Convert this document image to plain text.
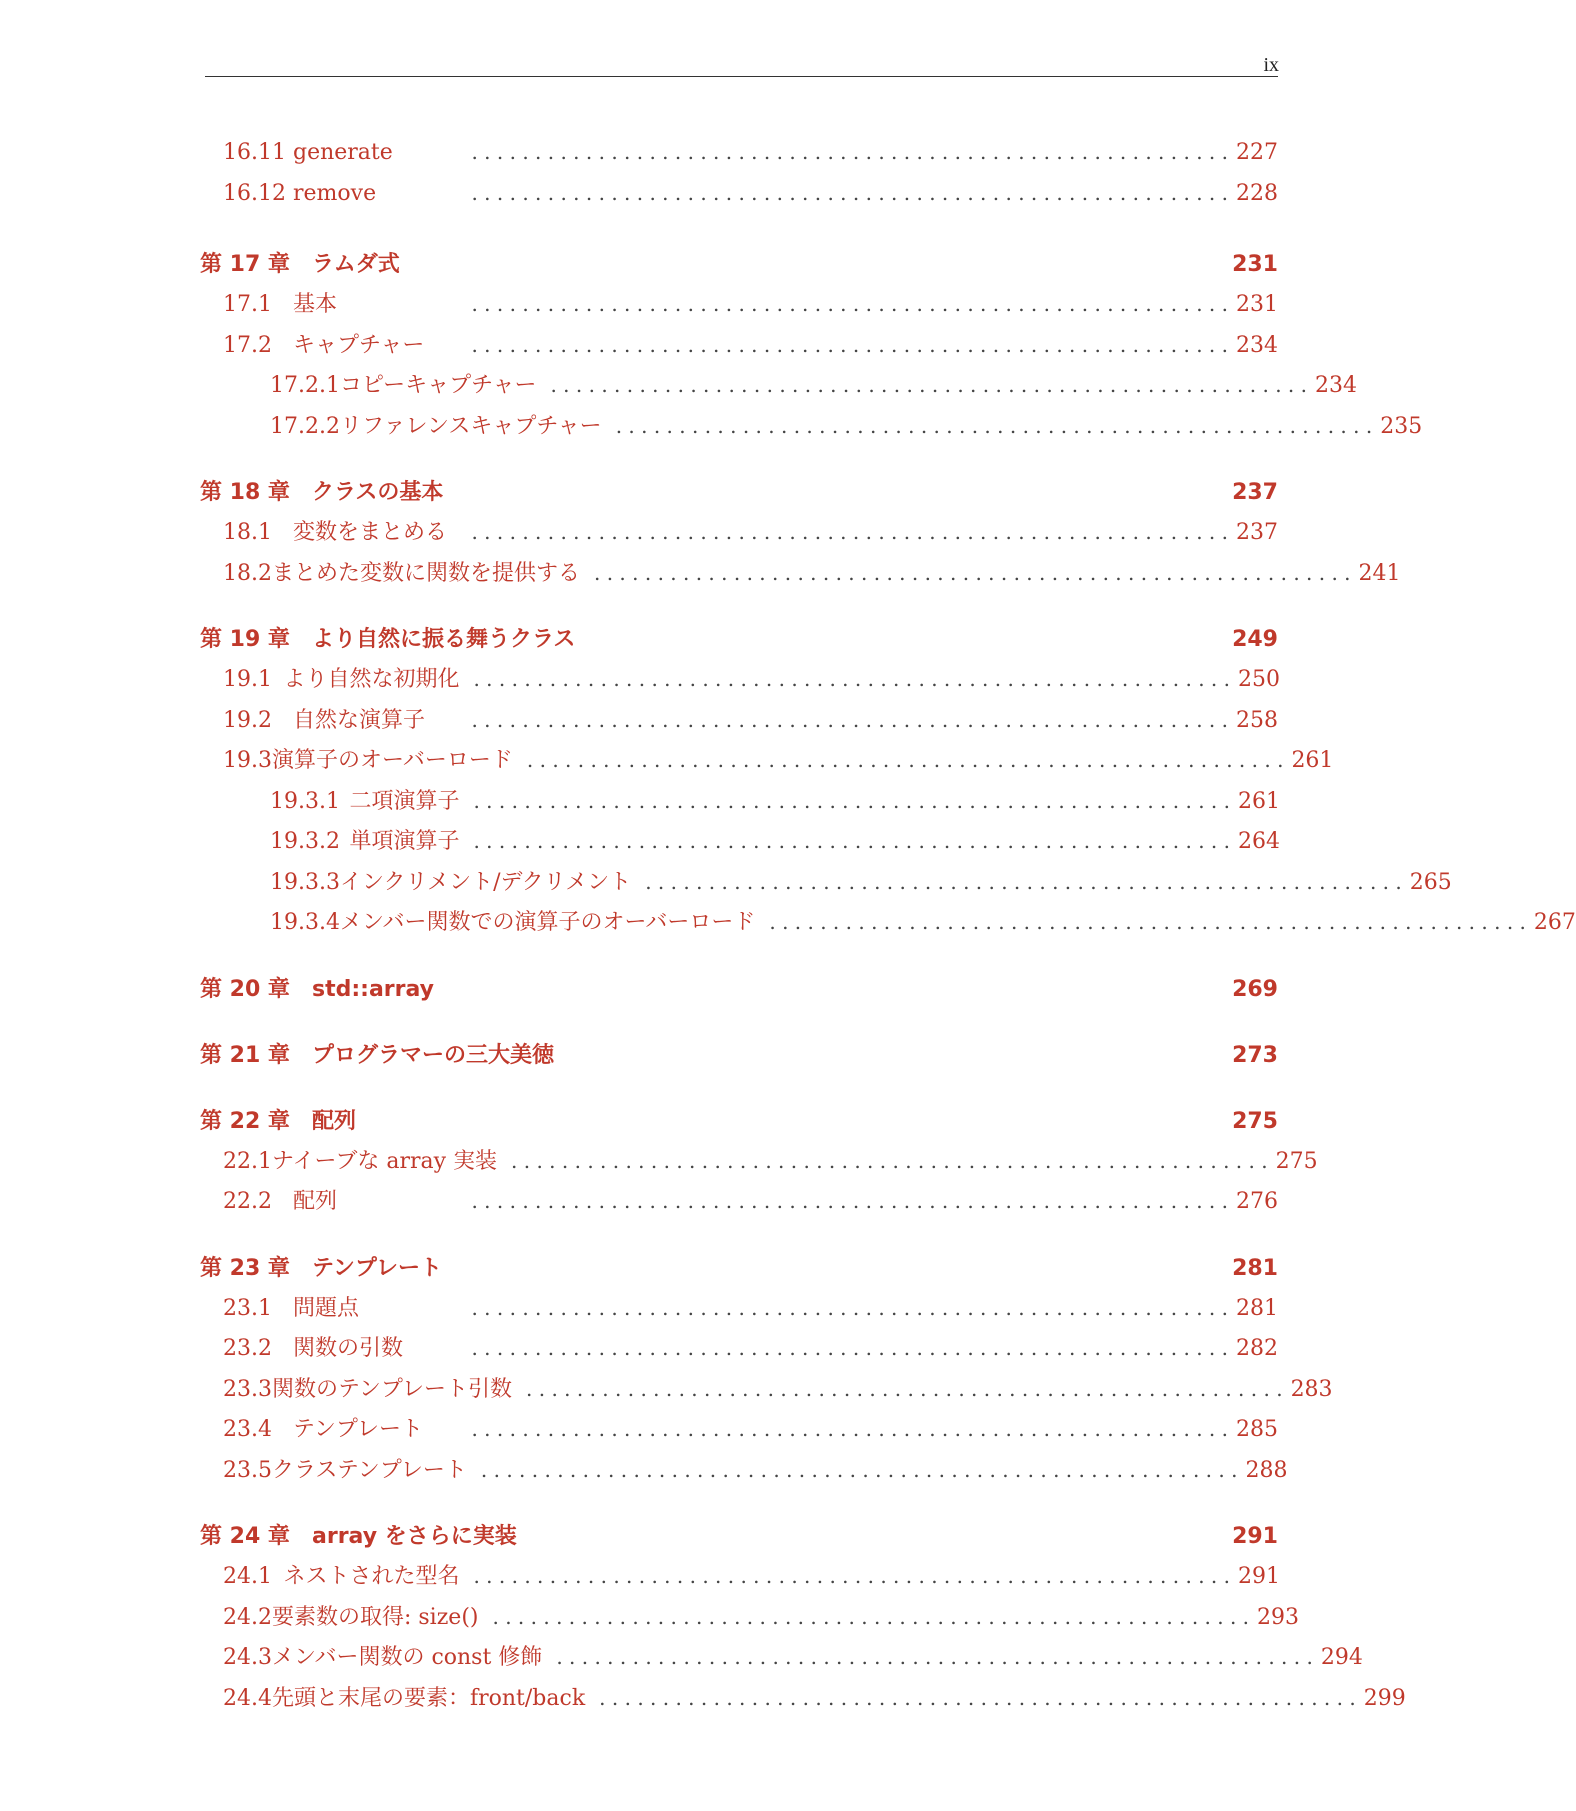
ix
16.11 generate	. . . . . . . . . . . . . . . . . . . . . . . . . . . . . . . . . . . . . . . . . . . . . . . . . . . . . . . . . . . . 227
16.12 remove	. . . . . . . . . . . . . . . . . . . . . . . . . . . . . . . . . . . . . . . . . . . . . . . . . . . . . . . . . . . . 228
第 17 章	ラムダ式	231
17.1 基本	. . . . . . . . . . . . . . . . . . . . . . . . . . . . . . . . . . . . . . . . . . . . . . . . . . . . . . . . . . . . 231
17.2 キャプチャー	. . . . . . . . . . . . . . . . . . . . . . . . . . . . . . . . . . . . . . . . . . . . . . . . . . . . . . . . . . . . 234
17.2.1 コピーキャプチャー . . . . . . . . . . . . . . . . . . . . . . . . . . . . . . . . . . . . . . . . . . . . . . . . . . . . . . . . . . . . 234
17.2.2 リファレンスキャプチャー . . . . . . . . . . . . . . . . . . . . . . . . . . . . . . . . . . . . . . . . . . . . . . . . . . . . . . . . . . . . 235
第 18 章	クラスの基本	237
18.1 変数をまとめる	. . . . . . . . . . . . . . . . . . . . . . . . . . . . . . . . . . . . . . . . . . . . . . . . . . . . . . . . . . . . 237
18.2 まとめた変数に関数を提供する . . . . . . . . . . . . . . . . . . . . . . . . . . . . . . . . . . . . . . . . . . . . . . . . . . . . . . . . . . . . 241
第 19 章	より自然に振る舞うクラス	249
19.1 より自然な初期化 . . . . . . . . . . . . . . . . . . . . . . . . . . . . . . . . . . . . . . . . . . . . . . . . . . . . . . . . . . . . 250
19.2 自然な演算子	. . . . . . . . . . . . . . . . . . . . . . . . . . . . . . . . . . . . . . . . . . . . . . . . . . . . . . . . . . . . 258
19.3 演算子のオーバーロード . . . . . . . . . . . . . . . . . . . . . . . . . . . . . . . . . . . . . . . . . . . . . . . . . . . . . . . . . . . . 261
19.3.1 二項演算子 . . . . . . . . . . . . . . . . . . . . . . . . . . . . . . . . . . . . . . . . . . . . . . . . . . . . . . . . . . . . 261
19.3.2 単項演算子 . . . . . . . . . . . . . . . . . . . . . . . . . . . . . . . . . . . . . . . . . . . . . . . . . . . . . . . . . . . . 264
19.3.3 インクリメント/デクリメント . . . . . . . . . . . . . . . . . . . . . . . . . . . . . . . . . . . . . . . . . . . . . . . . . . . . . . . . . . . . 265
19.3.4 メンバー関数での演算子のオーバーロード . . . . . . . . . . . . . . . . . . . . . . . . . . . . . . . . . . . . . . . . . . . . . . . . . . . . . . . . . . . . 267
第 20 章	std::array	269
第 21 章	プログラマーの三大美徳	273
第 22 章	配列	275
22.1 ナイーブな array 実装 . . . . . . . . . . . . . . . . . . . . . . . . . . . . . . . . . . . . . . . . . . . . . . . . . . . . . . . . . . . . 275
22.2 配列	. . . . . . . . . . . . . . . . . . . . . . . . . . . . . . . . . . . . . . . . . . . . . . . . . . . . . . . . . . . . 276
第 23 章	テンプレート	281
23.1 問題点	. . . . . . . . . . . . . . . . . . . . . . . . . . . . . . . . . . . . . . . . . . . . . . . . . . . . . . . . . . . . 281
23.2 関数の引数	. . . . . . . . . . . . . . . . . . . . . . . . . . . . . . . . . . . . . . . . . . . . . . . . . . . . . . . . . . . . 282
23.3 関数のテンプレート引数 . . . . . . . . . . . . . . . . . . . . . . . . . . . . . . . . . . . . . . . . . . . . . . . . . . . . . . . . . . . . 283
23.4 テンプレート	. . . . . . . . . . . . . . . . . . . . . . . . . . . . . . . . . . . . . . . . . . . . . . . . . . . . . . . . . . . . 285
23.5 クラステンプレート . . . . . . . . . . . . . . . . . . . . . . . . . . . . . . . . . . . . . . . . . . . . . . . . . . . . . . . . . . . . 288
第 24 章	array をさらに実装	291
24.1 ネストされた型名 . . . . . . . . . . . . . . . . . . . . . . . . . . . . . . . . . . . . . . . . . . . . . . . . . . . . . . . . . . . . 291
24.2 要素数の取得: size() . . . . . . . . . . . . . . . . . . . . . . . . . . . . . . . . . . . . . . . . . . . . . . . . . . . . . . . . . . . . 293
24.3 メンバー関数の const 修飾 . . . . . . . . . . . . . . . . . . . . . . . . . . . . . . . . . . . . . . . . . . . . . . . . . . . . . . . . . . . . 294
24.4 先頭と末尾の要素：front/back . . . . . . . . . . . . . . . . . . . . . . . . . . . . . . . . . . . . . . . . . . . . . . . . . . . . . . . . . . . . 299
